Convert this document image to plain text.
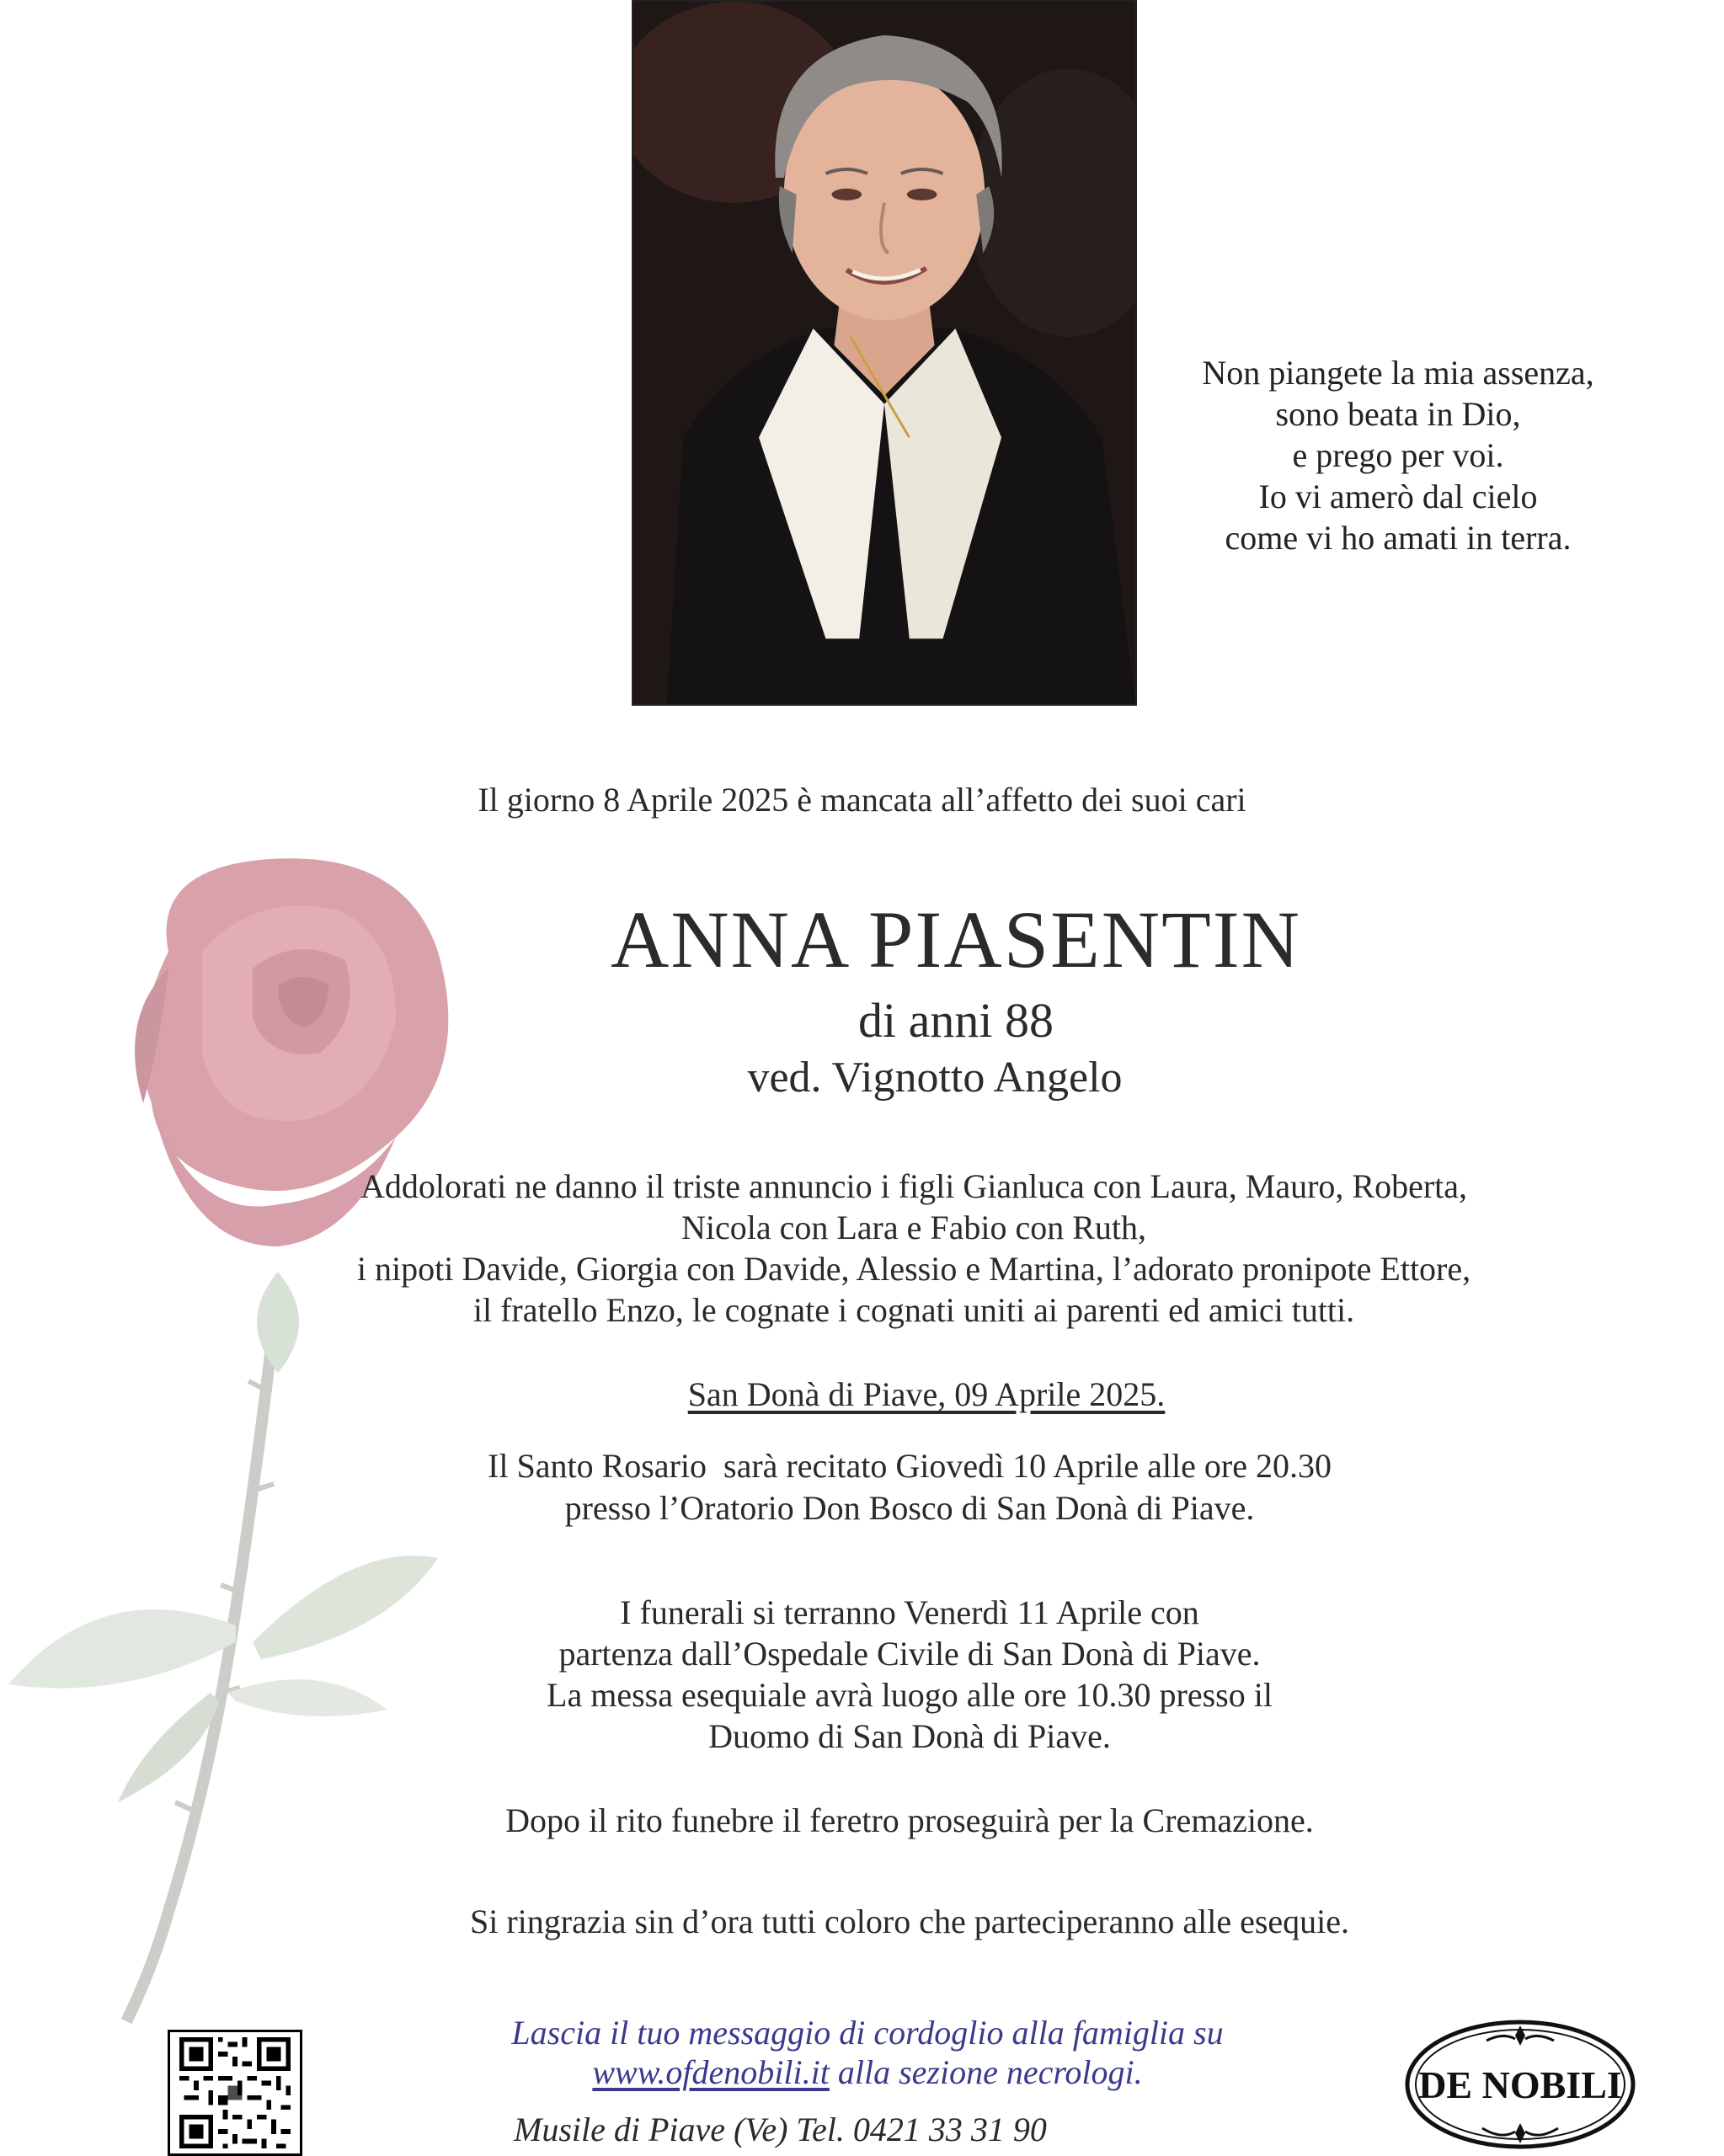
Non piangete la mia assenza,
sono beata in Dio,
e prego per voi.
Io vi amerò dal cielo
come vi ho amati in terra.
Il giorno 8 Aprile 2025 è mancata all’affetto dei suoi cari
ANNA PIASENTIN
di anni 88
ved. Vignotto Angelo
Addolorati ne danno il triste annuncio i figli Gianluca con Laura, Mauro, Roberta,
Nicola con Lara e Fabio con Ruth,
i nipoti Davide, Giorgia con Davide, Alessio e Martina, l’adorato pronipote Ettore,
il fratello Enzo, le cognate i cognati uniti ai parenti ed amici tutti.
San Donà di Piave, 09 Aprile 2025.
Il Santo Rosario  sarà recitato Giovedì 10 Aprile alle ore 20.30
presso l’Oratorio Don Bosco di San Donà di Piave.
I funerali si terranno Venerdì 11 Aprile con
partenza dall’Ospedale Civile di San Donà di Piave.
La messa esequiale avrà luogo alle ore 10.30 presso il
Duomo di San Donà di Piave.
Dopo il rito funebre il feretro proseguirà per la Cremazione.
Si ringrazia sin d’ora tutti coloro che parteciperanno alle esequie.
Lascia il tuo messaggio di cordoglio alla famiglia su
www.ofdenobili.it alla sezione necrologi.
Musile di Piave (Ve) Tel. 0421 33 31 90
DE NOBILI
